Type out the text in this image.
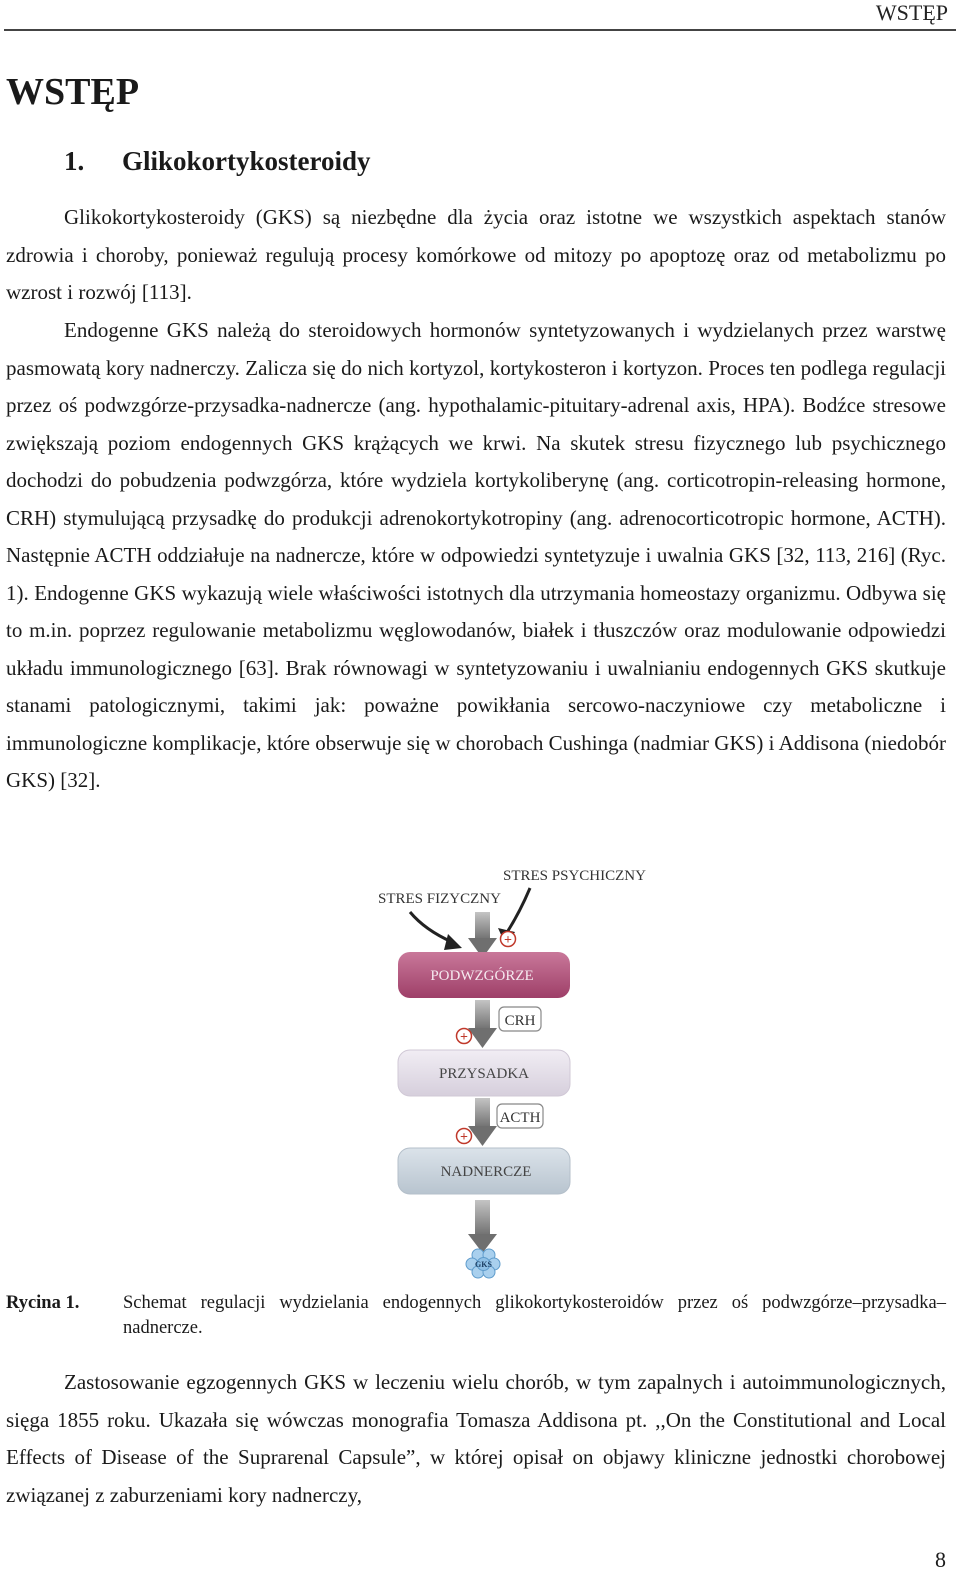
WSTĘP
WSTĘP
1. Glikokortykosteroidy

Glikokortykosteroidy (GKS) są niezbędne dla życia oraz istotne we wszystkich aspektach stanów zdrowia i choroby, ponieważ regulują procesy komórkowe od mitozy po apoptozę oraz od metabolizmu po wzrost i rozwój [113].

Endogenne GKS należą do steroidowych hormonów syntetyzowanych i wydzielanych przez warstwę pasmowatą kory nadnerczy. Zalicza się do nich kortyzol, kortykosteron i kortyzon. Proces ten podlega regulacji przez oś podwzgórze-przysadka-nadnercze (ang. hypothalamic-pituitary-adrenal axis, HPA). Bodźce stresowe zwiększają poziom endogennych GKS krążących we krwi. Na skutek stresu fizycznego lub psychicznego dochodzi do pobudzenia podwzgórza, które wydziela kortykoliberynę (ang. corticotropin-releasing hormone, CRH) stymulującą przysadkę do produkcji adrenokortykotropiny (ang. adrenocorticotropic hormone, ACTH). Następnie ACTH oddziałuje na nadnercze, które w odpowiedzi syntetyzuje i uwalnia GKS [32, 113, 216] (Ryc. 1). Endogenne GKS wykazują wiele właściwości istotnych dla utrzymania homeostazy organizmu. Odbywa się to m.in. poprzez regulowanie metabolizmu węglowodanów, białek i tłuszczów oraz modulowanie odpowiedzi układu immunologicznego [63]. Brak równowagi w syntetyzowaniu i uwalnianiu endogennych GKS skutkuje stanami patologicznymi, takimi jak: poważne powikłania sercowo-naczyniowe czy metaboliczne i immunologiczne komplikacje, które obserwuje się w chorobach Cushinga (nadmiar GKS) i Addisona (niedobór GKS) [32].

STRES FIZYCZNY
STRES PSYCHICZNY
+
PODWZGÓRZE
CRH
+
PRZYSADKA
ACTH
+
NADNERCZE
GKS
Rycina 1. Schemat regulacji wydzielania endogennych glikokortykosteroidów przez oś podwzgórze–przysadka–nadnercze.

Zastosowanie egzogennych GKS w leczeniu wielu chorób, w tym zapalnych i autoimmunologicznych, sięga 1855 roku. Ukazała się wówczas monografia Tomasza Addisona pt. ,,On the Constitutional and Local Effects of Disease of the Suprarenal Capsule”, w której opisał on objawy kliniczne jednostki chorobowej związanej z zaburzeniami kory nadnerczy,

8
